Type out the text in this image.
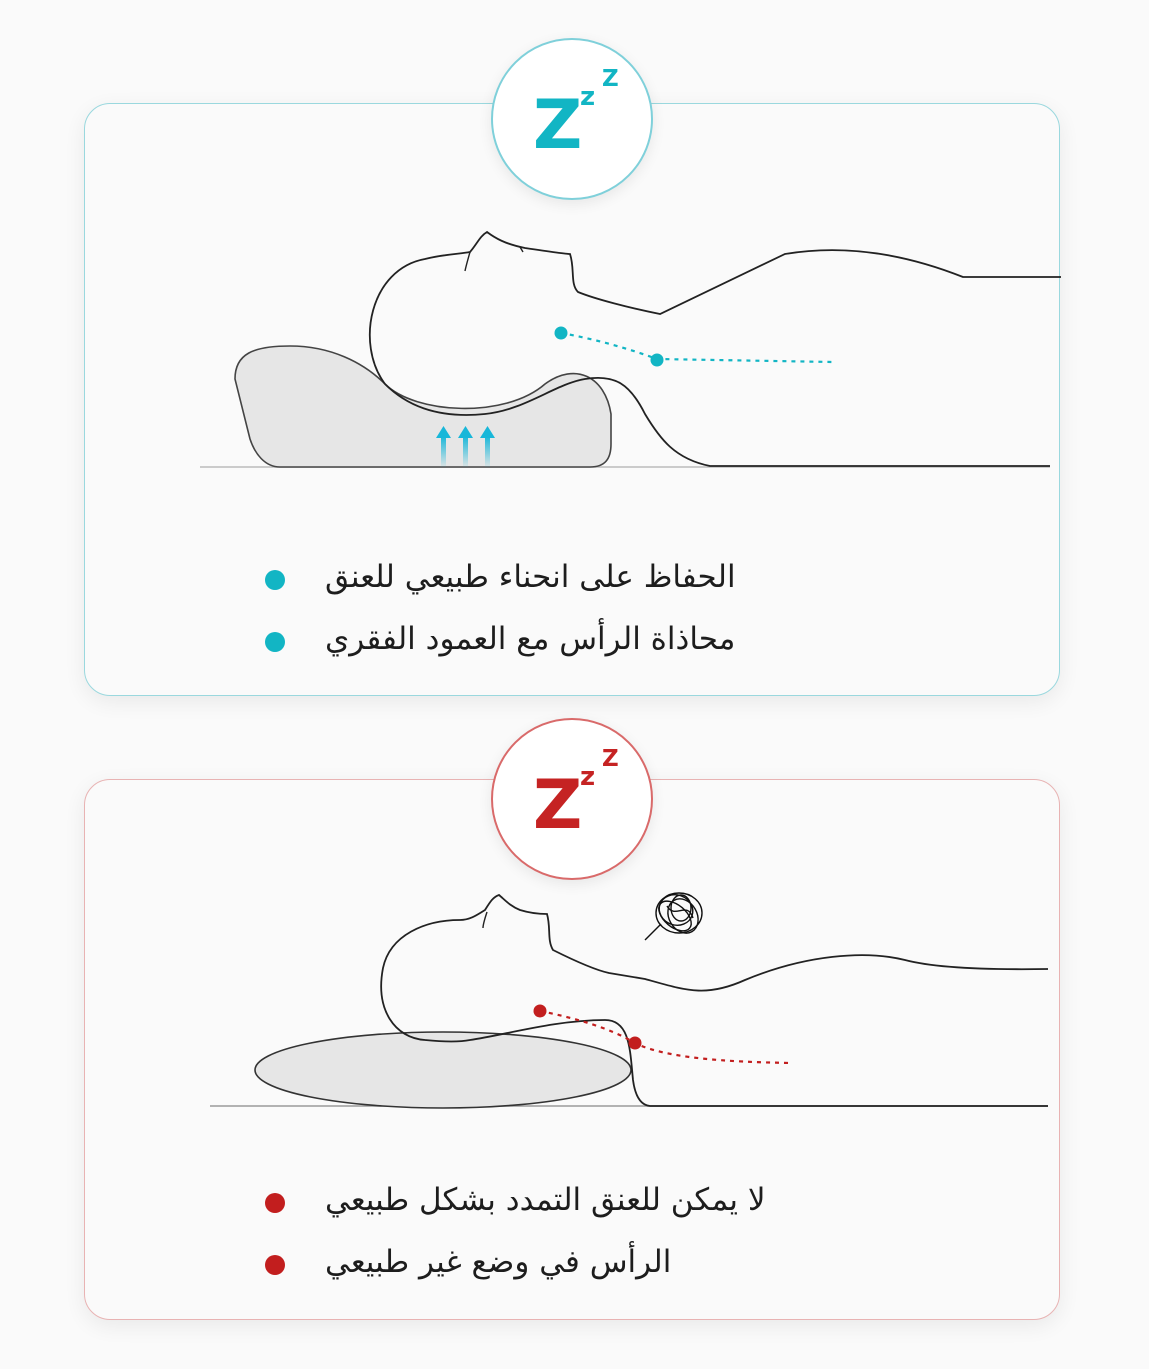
Z
z
Z
الحفاظ على انحناء طبيعي للعنق
محاذاة الرأس مع العمود الفقري
Z
z
Z
لا يمكن للعنق التمدد بشكل طبيعي
الرأس في وضع غير طبيعي
